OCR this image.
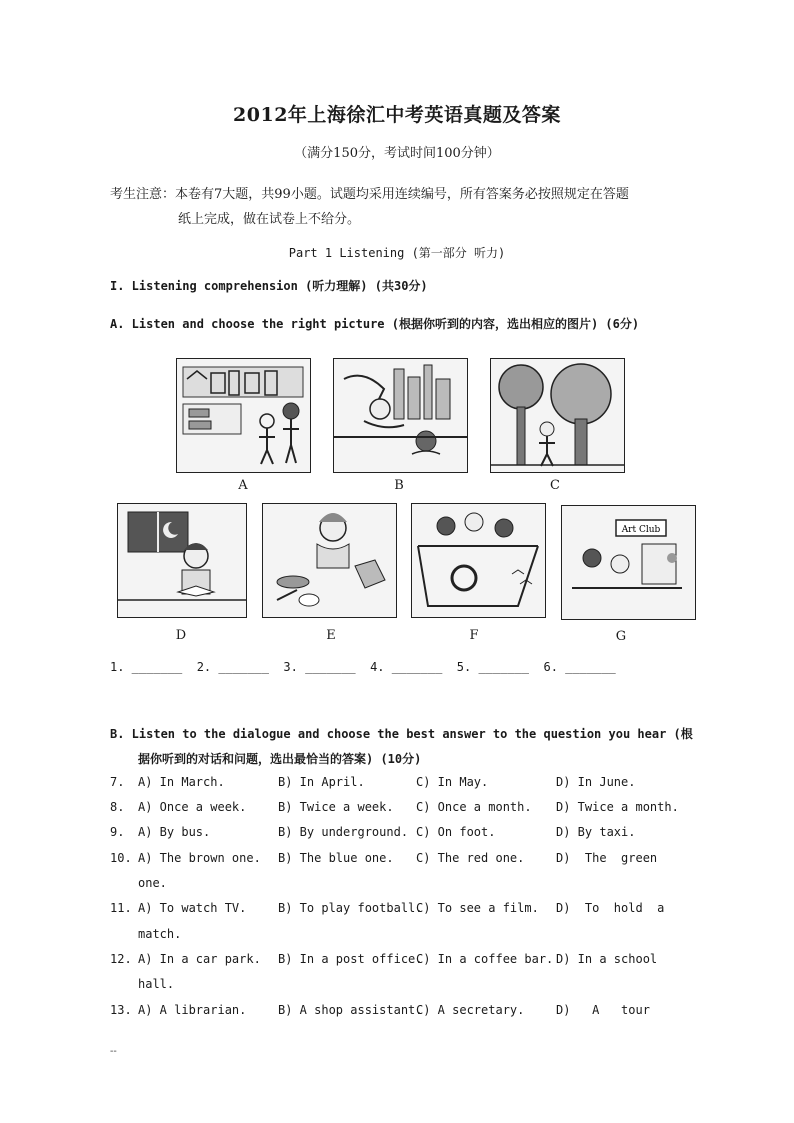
2012年上海徐汇中考英语真题及答案
（满分150分，考试时间100分钟）
考生注意：本卷有7大题，共99小题。试题均采用连续编号，所有答案务必按照规定在答题
纸上完成，做在试卷上不给分。
Part 1 Listening (第一部分 听力)
I. Listening comprehension (听力理解) (共30分)
A. Listen and choose the right picture (根据你听到的内容，选出相应的图片) (6分)
A	B	C
D	E	F
Art Club
G
1. _______  2. _______  3. _______  4. _______  5. _______  6. _______
B. Listen to the dialogue and choose the best answer to the question you hear (根
据你听到的对话和问题，选出最恰当的答案) (10分)
7. A) In March.	B) In April.	C) In May.	D) In June.
8. A) Once a week.	B) Twice a week. C) Once a month. D) Twice a month.
9. A) By bus.	B) By underground. C) On foot.	D) By taxi.
10. A) The brown one. B) The blue one. C) The red one.	D)  The  green
one.
11. A) To watch TV.	B) To play football.
C) To see a film. D)  To  hold  a
match.
12. A) In a car park. B) In a post office.
C) In a coffee bar. D) In a school
hall.
13. A) A librarian.	B) A shop assistant.
C) A secretary.	D)   A   tour
--
